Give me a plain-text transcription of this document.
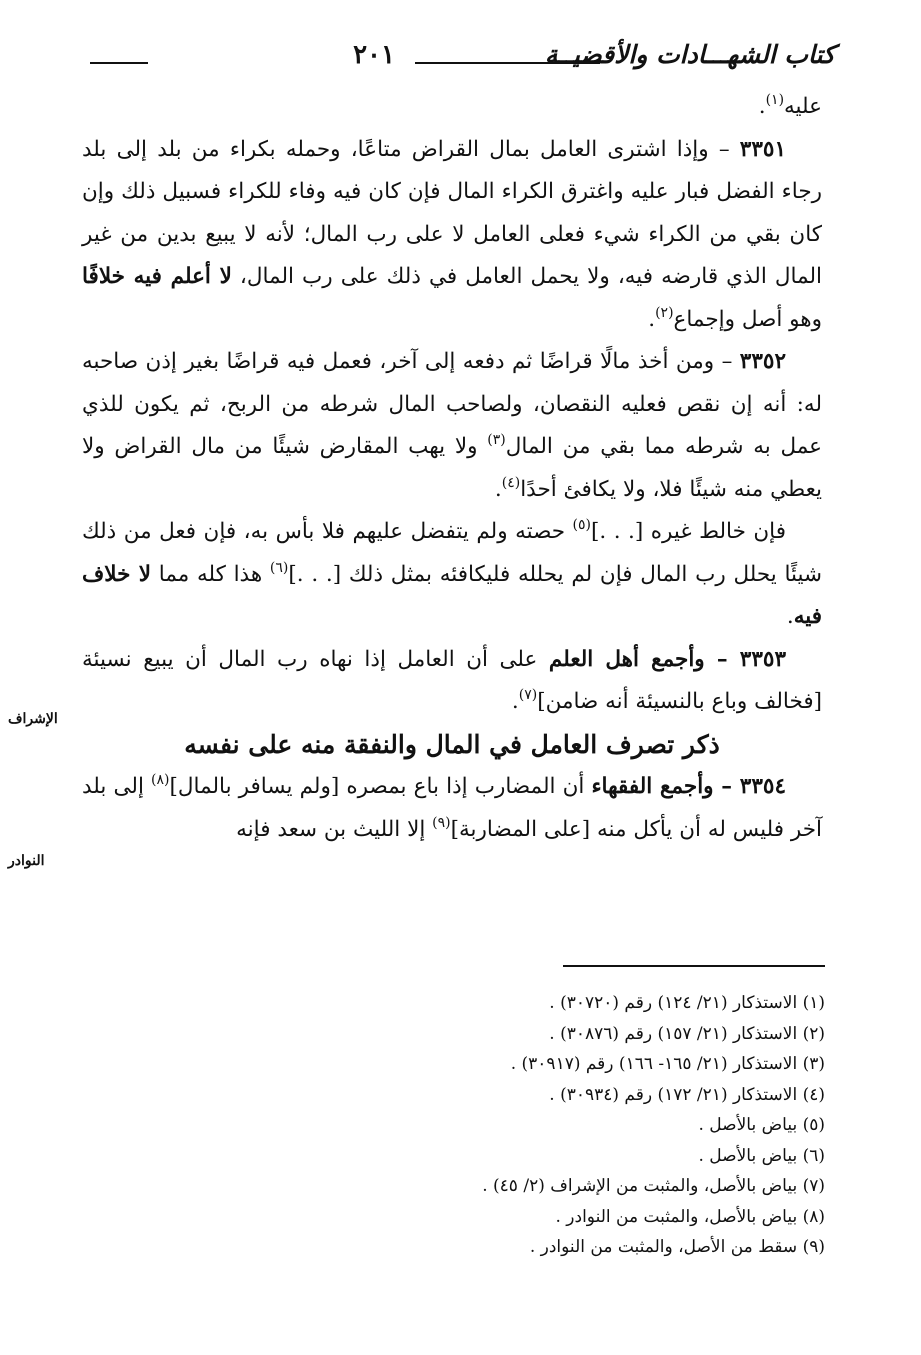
كتاب الشهـــادات والأقضيــة
٢٠١

عليه$^{(١)}$.

٣٣٥١ – وإذا اشترى العامل بمال القراض متاعًا، وحمله بكراء من بلد إلى بلد رجاء الفضل فبار عليه واغترق الكراء المال فإن كان فيه وفاء للكراء فسبيل ذلك وإن كان بقي من الكراء شيء فعلى العامل لا على رب المال؛ لأنه لا يبيع بدين من غير المال الذي قارضه فيه، ولا يحمل العامل في ذلك على رب المال، لا أعلم فيه خلافًا وهو أصل وإجماع$^{(٢)}$.

٣٣٥٢ – ومن أخذ مالًا قراضًا ثم دفعه إلى آخر، فعمل فيه قراضًا بغير إذن صاحبه له: أنه إن نقص فعليه النقصان، ولصاحب المال شرطه من الربح، ثم يكون للذي عمل به شرطه مما بقي من المال$^{(٣)}$ ولا يهب المقارض شيئًا من مال القراض ولا يعطي منه شيئًا فلا، ولا يكافئ أحدًا$^{(٤)}$.

فإن خالط غيره [. . .]$^{(٥)}$ حصته ولم يتفضل عليهم فلا بأس به، فإن فعل من ذلك شيئًا يحلل رب المال فإن لم يحلله فليكافئه بمثل ذلك [. . .]$^{(٦)}$ هذا كله مما لا خلاف فيه.

٣٣٥٣ – وأجمع أهل العلم على أن العامل إذا نهاه رب المال أن يبيع نسيئة [فخالف وباع بالنسيئة أنه ضامن]$^{(٧)}$.

ذكر تصرف العامل في المال والنفقة منه على نفسه

٣٣٥٤ – وأجمع الفقهاء أن المضارب إذا باع بمصره [ولم يسافر بالمال]$^{(٨)}$ إلى بلد آخر فليس له أن يأكل منه [على المضاربة]$^{(٩)}$ إلا الليث بن سعد فإنه

الإشراف
النوادر
(١) الاستذكار (٢١/ ١٢٤) رقم (٣٠٧٢٠) .
(٢) الاستذكار (٢١/ ١٥٧) رقم (٣٠٨٧٦) .
(٣) الاستذكار (٢١/ ١٦٥- ١٦٦) رقم (٣٠٩١٧) .
(٤) الاستذكار (٢١/ ١٧٢) رقم (٣٠٩٣٤) .
(٥) بياض بالأصل .
(٦) بياض بالأصل .
(٧) بياض بالأصل، والمثبت من الإشراف (٢/ ٤٥) .
(٨) بياض بالأصل، والمثبت من النوادر .
(٩) سقط من الأصل، والمثبت من النوادر .
